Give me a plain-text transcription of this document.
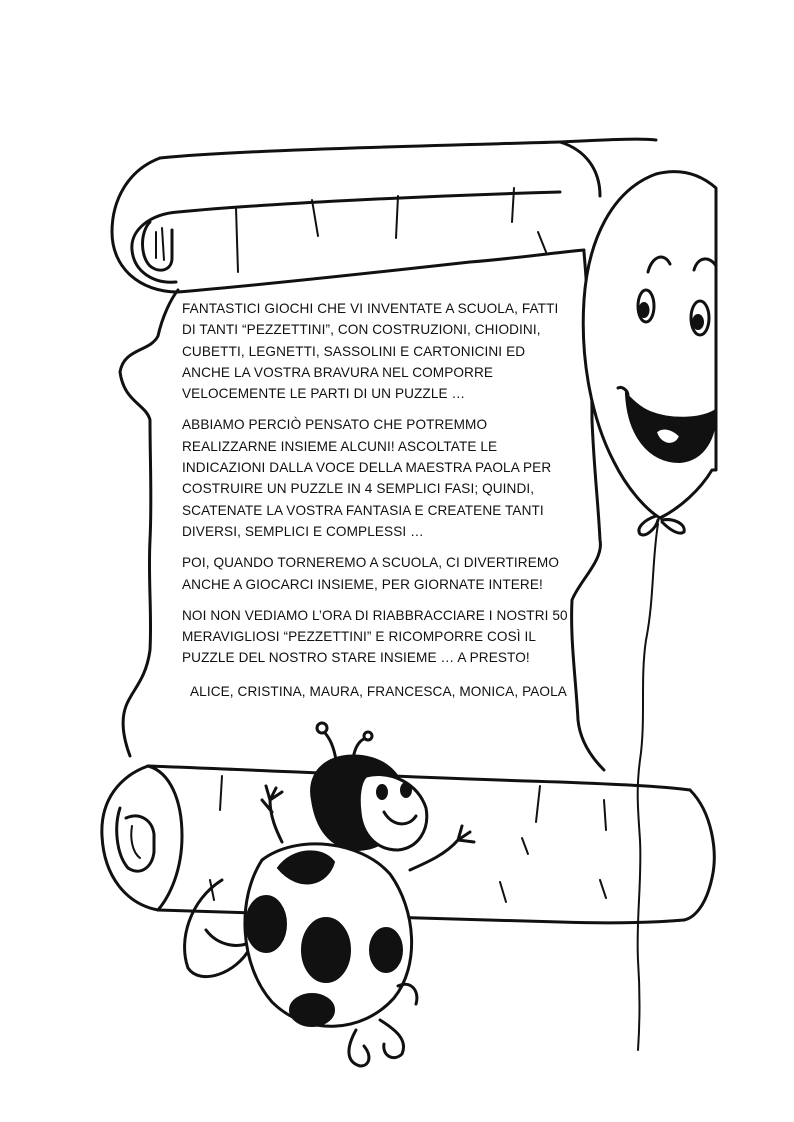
FANTASTICI GIOCHI CHE VI INVENTATE A SCUOLA, FATTI DI TANTI “PEZZETTINI”, CON COSTRUZIONI, CHIODINI, CUBETTI, LEGNETTI, SASSOLINI E CARTONICINI ED ANCHE LA VOSTRA BRAVURA NEL COMPORRE VELOCEMENTE LE PARTI DI UN PUZZLE …

ABBIAMO PERCIÒ PENSATO CHE POTREMMO REALIZZARNE INSIEME ALCUNI! ASCOLTATE LE INDICAZIONI DALLA VOCE DELLA MAESTRA PAOLA PER COSTRUIRE UN PUZZLE IN 4 SEMPLICI FASI; QUINDI, SCATENATE LA VOSTRA FANTASIA E CREATENE TANTI DIVERSI, SEMPLICI E COMPLESSI …

POI, QUANDO TORNEREMO A SCUOLA, CI DIVERTIREMO ANCHE A GIOCARCI INSIEME, PER GIORNATE INTERE!

NOI NON VEDIAMO L’ORA DI RIABBRACCIARE I NOSTRI 50 MERAVIGLIOSI “PEZZETTINI” E RICOMPORRE COSÌ IL PUZZLE DEL NOSTRO STARE INSIEME … A PRESTO!

ALICE, CRISTINA, MAURA, FRANCESCA, MONICA, PAOLA
